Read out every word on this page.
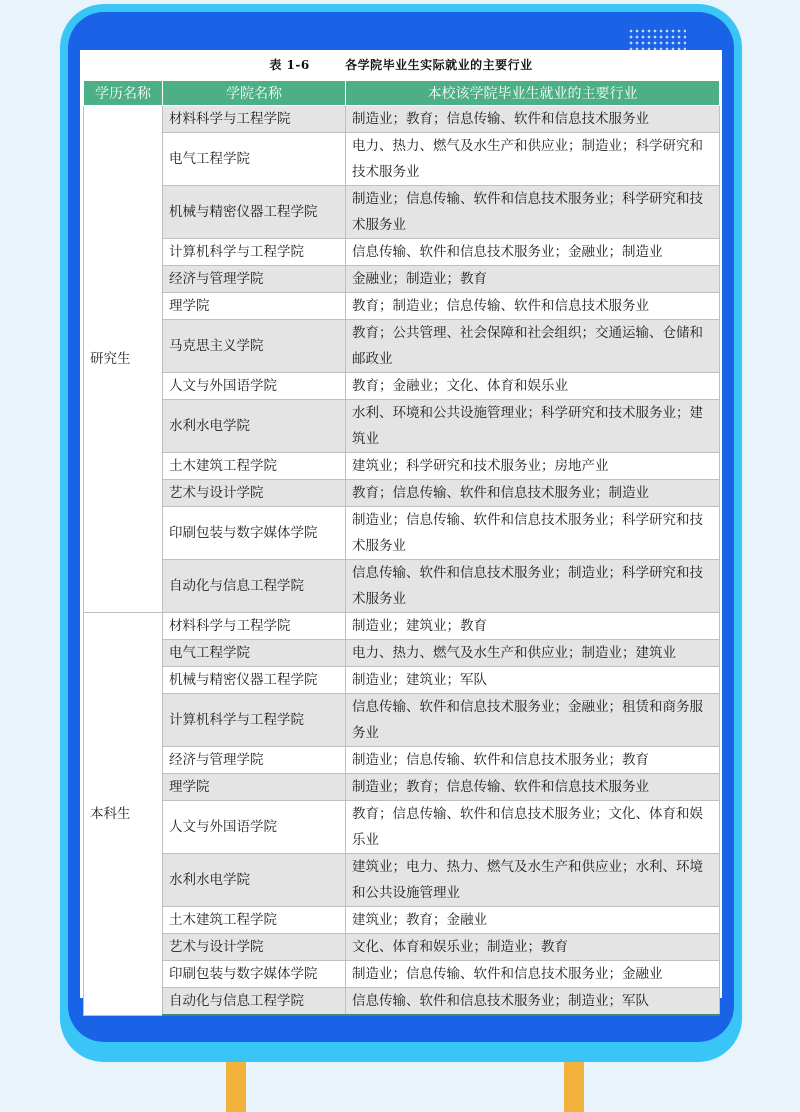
表 1-6	各学院毕业生实际就业的主要行业
学历名称	学院名称	本校该学院毕业生就业的主要行业
研究生	材料科学与工程学院	制造业；教育；信息传输、软件和信息技术服务业
	电气工程学院	电力、热力、燃气及水生产和供应业；制造业；科学研究和技术服务业
	机械与精密仪器工程学院	制造业；信息传输、软件和信息技术服务业；科学研究和技术服务业
	计算机科学与工程学院	信息传输、软件和信息技术服务业；金融业；制造业
	经济与管理学院	金融业；制造业；教育
	理学院	教育；制造业；信息传输、软件和信息技术服务业
	马克思主义学院	教育；公共管理、社会保障和社会组织；交通运输、仓储和邮政业
	人文与外国语学院	教育；金融业；文化、体育和娱乐业
	水利水电学院	水利、环境和公共设施管理业；科学研究和技术服务业；建筑业
	土木建筑工程学院	建筑业；科学研究和技术服务业；房地产业
	艺术与设计学院	教育；信息传输、软件和信息技术服务业；制造业
	印刷包装与数字媒体学院	制造业；信息传输、软件和信息技术服务业；科学研究和技术服务业
	自动化与信息工程学院	信息传输、软件和信息技术服务业；制造业；科学研究和技术服务业
本科生	材料科学与工程学院	制造业；建筑业；教育
	电气工程学院	电力、热力、燃气及水生产和供应业；制造业；建筑业
	机械与精密仪器工程学院	制造业；建筑业；军队
	计算机科学与工程学院	信息传输、软件和信息技术服务业；金融业；租赁和商务服务业
	经济与管理学院	制造业；信息传输、软件和信息技术服务业；教育
	理学院	制造业；教育；信息传输、软件和信息技术服务业
	人文与外国语学院	教育；信息传输、软件和信息技术服务业；文化、体育和娱乐业
	水利水电学院	建筑业；电力、热力、燃气及水生产和供应业；水利、环境和公共设施管理业
	土木建筑工程学院	建筑业；教育；金融业
	艺术与设计学院	文化、体育和娱乐业；制造业；教育
	印刷包装与数字媒体学院	制造业；信息传输、软件和信息技术服务业；金融业
	自动化与信息工程学院	信息传输、软件和信息技术服务业；制造业；军队
